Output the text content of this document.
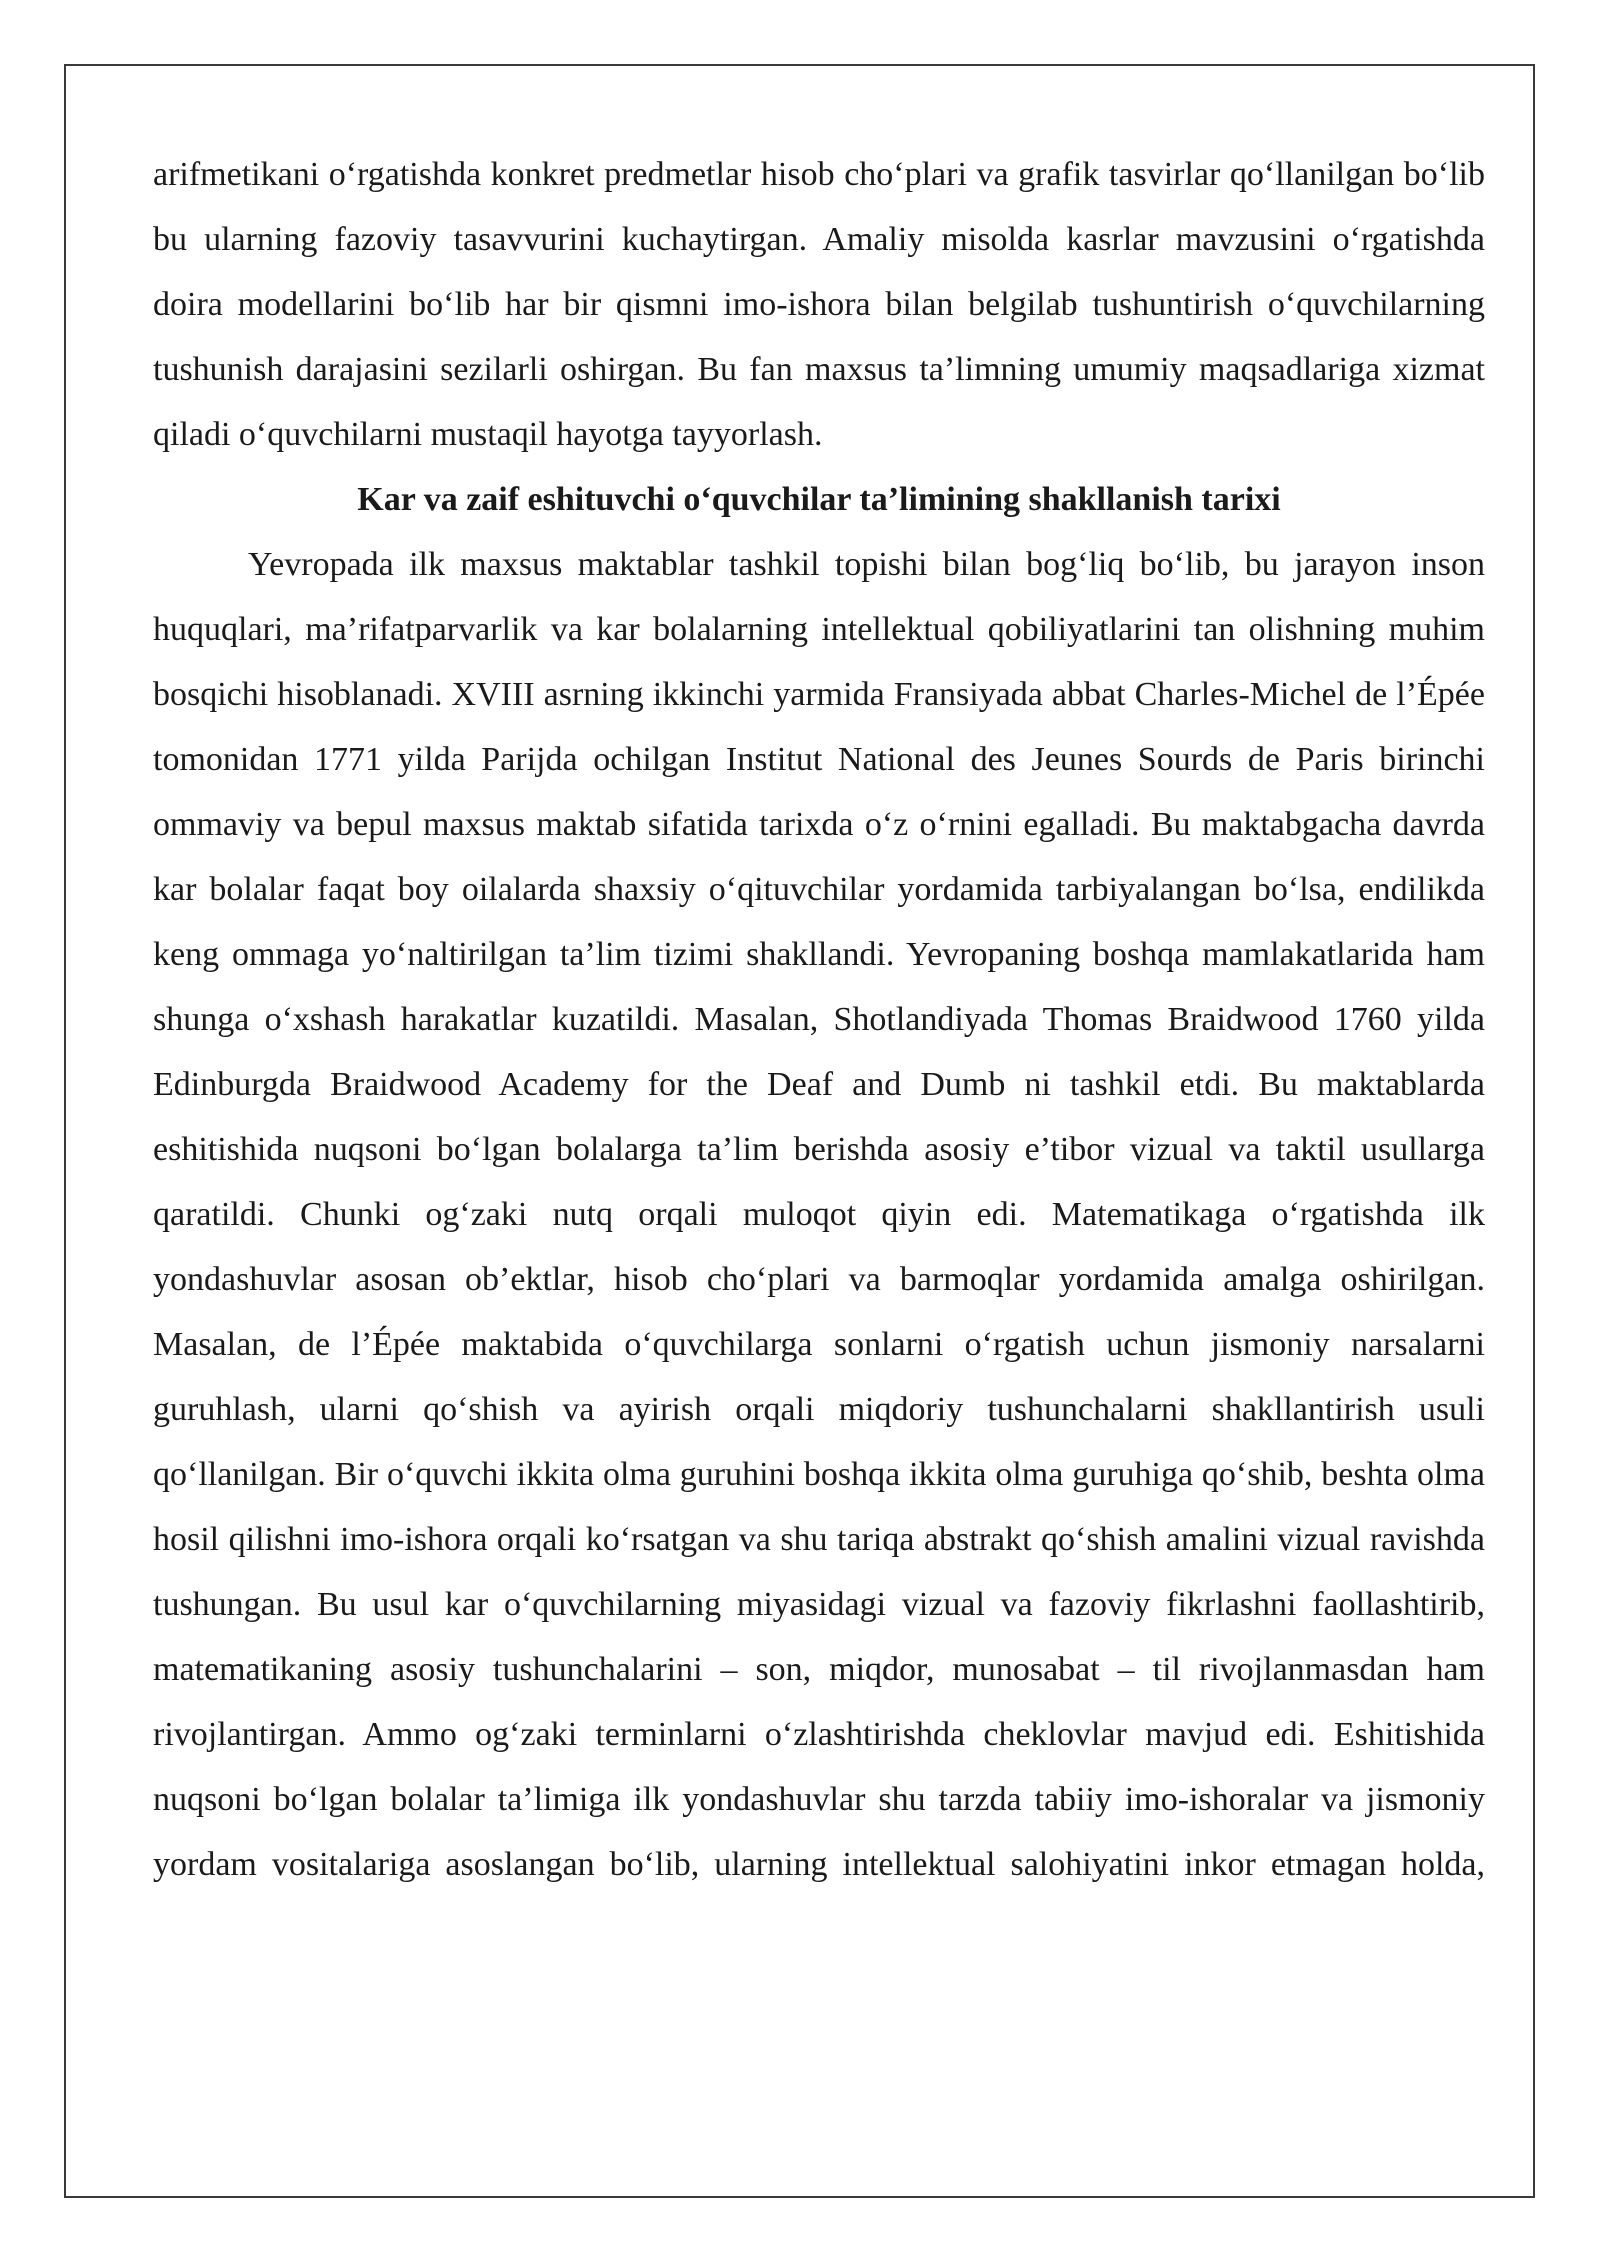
arifmetikani o‘rgatishda konkret predmetlar hisob cho‘plari va grafik tasvirlar qo‘llanilgan bo‘lib bu ularning fazoviy tasavvurini kuchaytirgan. Amaliy misolda kasrlar mavzusini o‘rgatishda doira modellarini bo‘lib har bir qismni imo-ishora bilan belgilab tushuntirish o‘quvchilarning tushunish darajasini sezilarli oshirgan. Bu fan maxsus ta’limning umumiy maqsadlariga xizmat qiladi o‘quvchilarni mustaqil hayotga tayyorlash.

Kar va zaif eshituvchi o‘quvchilar ta’limining shakllanish tarixi

Yevropada ilk maxsus maktablar tashkil topishi bilan bog‘liq bo‘lib, bu jarayon inson huquqlari, ma’rifatparvarlik va kar bolalarning intellektual qobiliyatlarini tan olishning muhim bosqichi hisoblanadi. XVIII asrning ikkinchi yarmida Fransiyada abbat Charles-Michel de l’Épée tomonidan 1771 yilda Parijda ochilgan Institut National des Jeunes Sourds de Paris birinchi ommaviy va bepul maxsus maktab sifatida tarixda o‘z o‘rnini egalladi. Bu maktabgacha davrda kar bolalar faqat boy oilalarda shaxsiy o‘qituvchilar yordamida tarbiyalangan bo‘lsa, endilikda keng ommaga yo‘naltirilgan ta’lim tizimi shakllandi. Yevropaning boshqa mamlakatlarida ham shunga o‘xshash harakatlar kuzatildi. Masalan, Shotlandiyada Thomas Braidwood 1760 yilda Edinburgda Braidwood Academy for the Deaf and Dumb ni tashkil etdi. Bu maktablarda eshitishida nuqsoni bo‘lgan bolalarga ta’lim berishda asosiy e’tibor vizual va taktil usullarga qaratildi. Chunki og‘zaki nutq orqali muloqot qiyin edi. Matematikaga o‘rgatishda ilk yondashuvlar asosan ob’ektlar, hisob cho‘plari va barmoqlar yordamida amalga oshirilgan. Masalan, de l’Épée maktabida o‘quvchilarga sonlarni o‘rgatish uchun jismoniy narsalarni guruhlash, ularni qo‘shish va ayirish orqali miqdoriy tushunchalarni shakllantirish usuli qo‘llanilgan. Bir o‘quvchi ikkita olma guruhini boshqa ikkita olma guruhiga qo‘shib, beshta olma hosil qilishni imo-ishora orqali ko‘rsatgan va shu tariqa abstrakt qo‘shish amalini vizual ravishda tushungan. Bu usul kar o‘quvchilarning miyasidagi vizual va fazoviy fikrlashni faollashtirib, matematikaning asosiy tushunchalarini – son, miqdor, munosabat – til rivojlanmasdan ham rivojlantirgan. Ammo og‘zaki terminlarni o‘zlashtirishda cheklovlar mavjud edi. Eshitishida nuqsoni bo‘lgan bolalar ta’limiga ilk yondashuvlar shu tarzda tabiiy imo-ishoralar va jismoniy yordam vositalariga asoslangan bo‘lib, ularning intellektual salohiyatini inkor etmagan holda,
